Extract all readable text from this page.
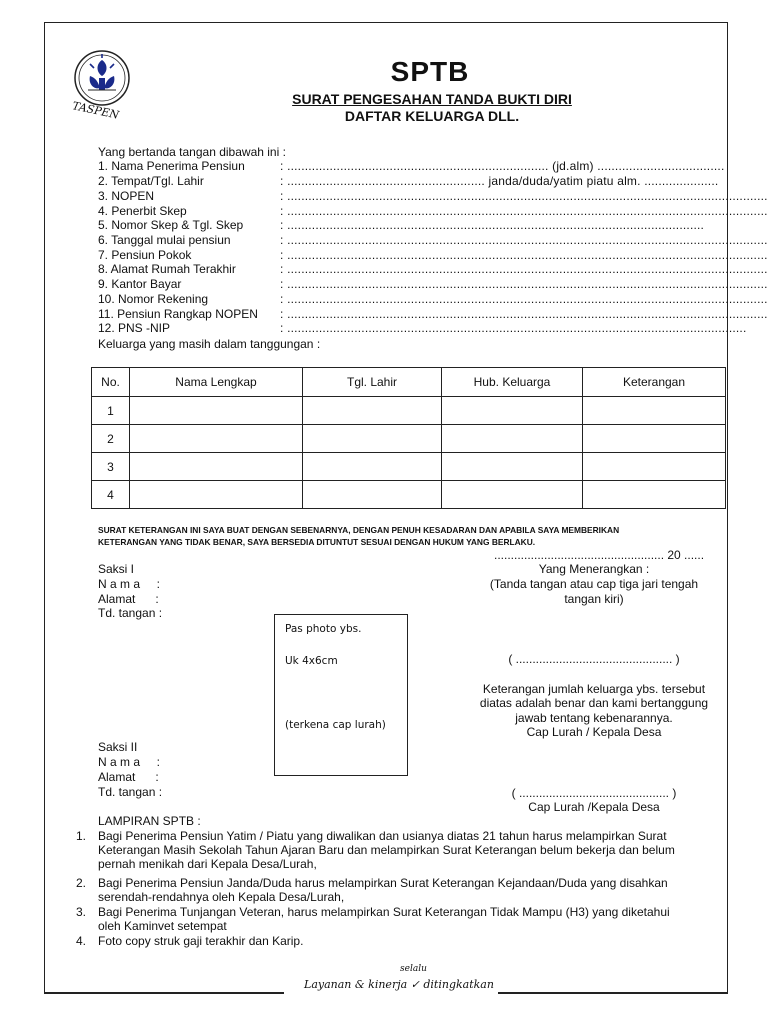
TASPEN
SPTB
SURAT PENGESAHAN TANDA BUKTI DIRI
DAFTAR KELUARGA DLL.
Yang bertanda tangan dibawah ini :
1. Nama Penerima Pensiun	: .......................................................................... (jd.alm) ....................................
2. Tempat/Tgl. Lahir	: ........................................................ janda/duda/yatim piatu alm. .....................
3. NOPEN	: ........................................................................................................................................
4. Penerbit Skep	: ........................................................................................................................................
5. Nomor Skep & Tgl. Skep	: ......................................................................................................................
6. Tanggal mulai pensiun	: ........................................................................................................................................
7. Pensiun Pokok	: ........................................................................................................................................
8. Alamat Rumah Terakhir	: ........................................................................................................................................
9. Kantor Bayar	: ........................................................................................................................................
10. Nomor Rekening	: ........................................................................................................................................
11. Pensiun Rangkap NOPEN : ........................................................................................................................................
12. PNS -NIP	: ..................................................................................................................................
Keluarga yang masih dalam tanggungan :
No.	Nama Lengkap	Tgl. Lahir	Hub. Keluarga	Keterangan
1				
2				
3				
4				
SURAT KETERANGAN INI SAYA BUAT DENGAN SEBENARNYA, DENGAN PENUH KESADARAN DAN APABILA SAYA MEMBERIKAN
KETERANGAN YANG TIDAK BENAR, SAYA BERSEDIA DITUNTUT SESUAI DENGAN HUKUM YANG BERLAKU.
................................................... 20 ......
Yang Menerangkan :
(Tanda tangan atau cap tiga jari tengah
tangan kiri)
Saksi I
N a m a     :
Alamat      :
Td. tangan :
Pas photo ybs.
Uk 4x6cm
(terkena cap lurah)
( ............................................... )
Keterangan jumlah keluarga ybs. tersebut
diatas adalah benar dan kami bertanggung
jawab tentang kebenarannya.
Cap Lurah / Kepala Desa
Saksi II
N a m a     :
Alamat      :
Td. tangan :	( ............................................. )
Cap Lurah /Kepala Desa
LAMPIRAN SPTB :
1. Bagi Penerima Pensiun Yatim / Piatu yang diwalikan dan usianya diatas 21 tahun harus melampirkan Surat
Keterangan Masih Sekolah Tahun Ajaran Baru dan melampirkan Surat Keterangan belum bekerja dan belum
pernah menikah dari Kepala Desa/Lurah,
2. Bagi Penerima Pensiun Janda/Duda harus melampirkan Surat Keterangan Kejandaan/Duda yang disahkan
serendah-rendahnya oleh Kepala Desa/Lurah,
3. Bagi Penerima Tunjangan Veteran, harus melampirkan Surat Keterangan Tidak Mampu (H3) yang diketahui
oleh Kaminvet setempat
4. Foto copy struk gaji terakhir dan Karip.
selalu
Layanan & kinerja ✓ ditingkatkan
